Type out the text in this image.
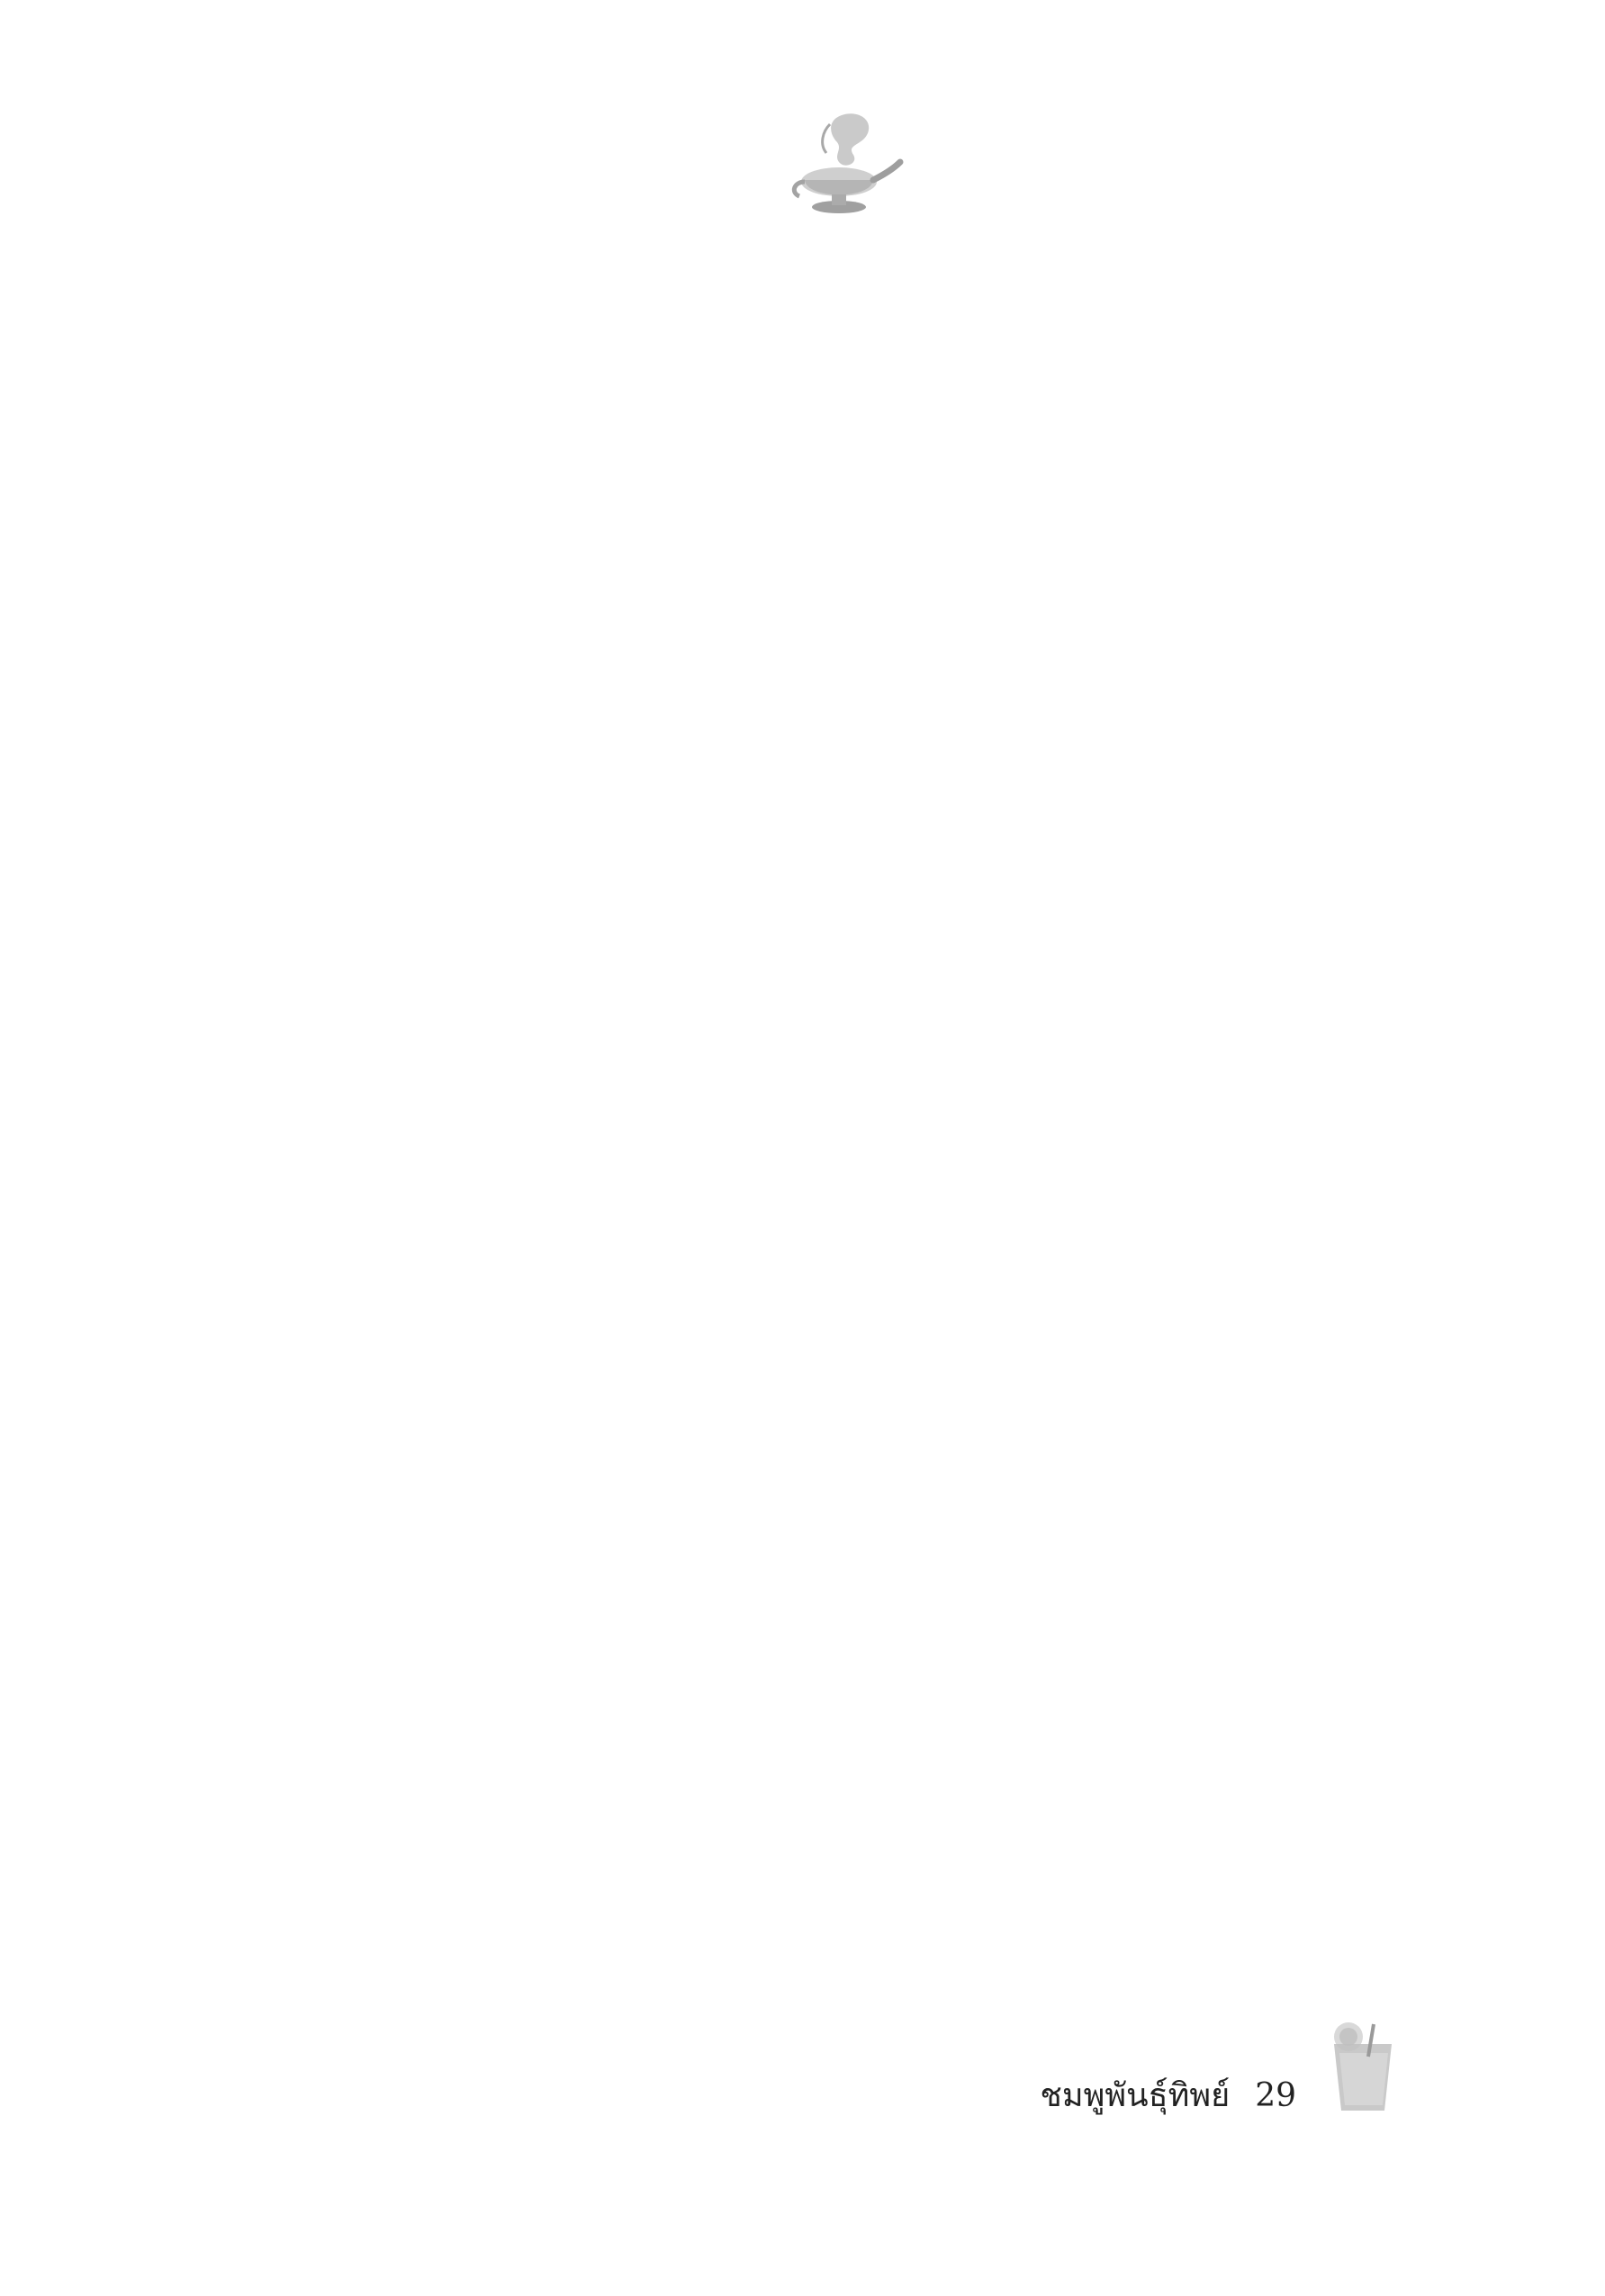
ชมพูพันธุ์ทิพย์ 29
